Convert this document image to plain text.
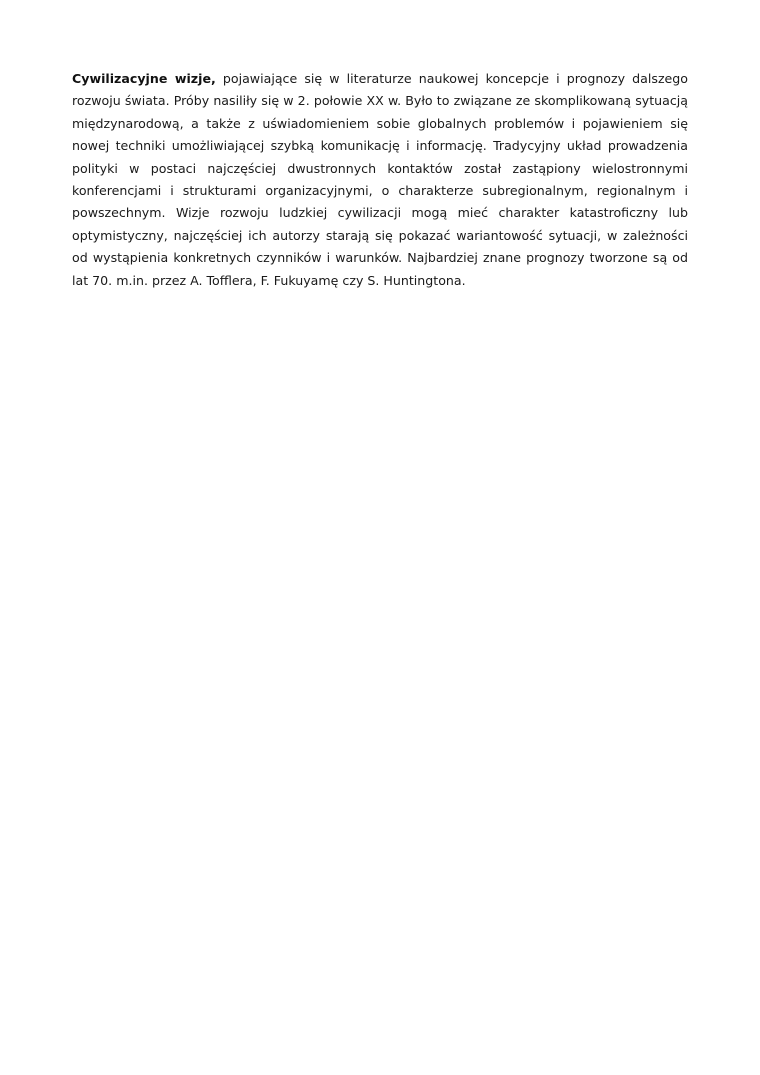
Cywilizacyjne wizje, pojawiające się w literaturze naukowej koncepcje i prognozy dalszego rozwoju świata. Próby nasiliły się w 2. połowie XX w. Było to związane ze skomplikowaną sytuacją międzynarodową, a także z uświadomieniem sobie globalnych problemów i pojawieniem się nowej techniki umożliwiającej szybką komunikację i informację. Tradycyjny układ prowadzenia polityki w postaci najczęściej dwustronnych kontaktów został zastąpiony wielostronnymi konferencjami i strukturami organizacyjnymi, o charakterze subregionalnym, regionalnym i powszechnym. Wizje rozwoju ludzkiej cywilizacji mogą mieć charakter katastroficzny lub optymistyczny, najczęściej ich autorzy starają się pokazać wariantowość sytuacji, w zależności od wystąpienia konkretnych czynników i warunków. Najbardziej znane prognozy tworzone są od lat 70. m.in. przez A. Tofflera, F. Fukuyamę czy S. Huntingtona.
